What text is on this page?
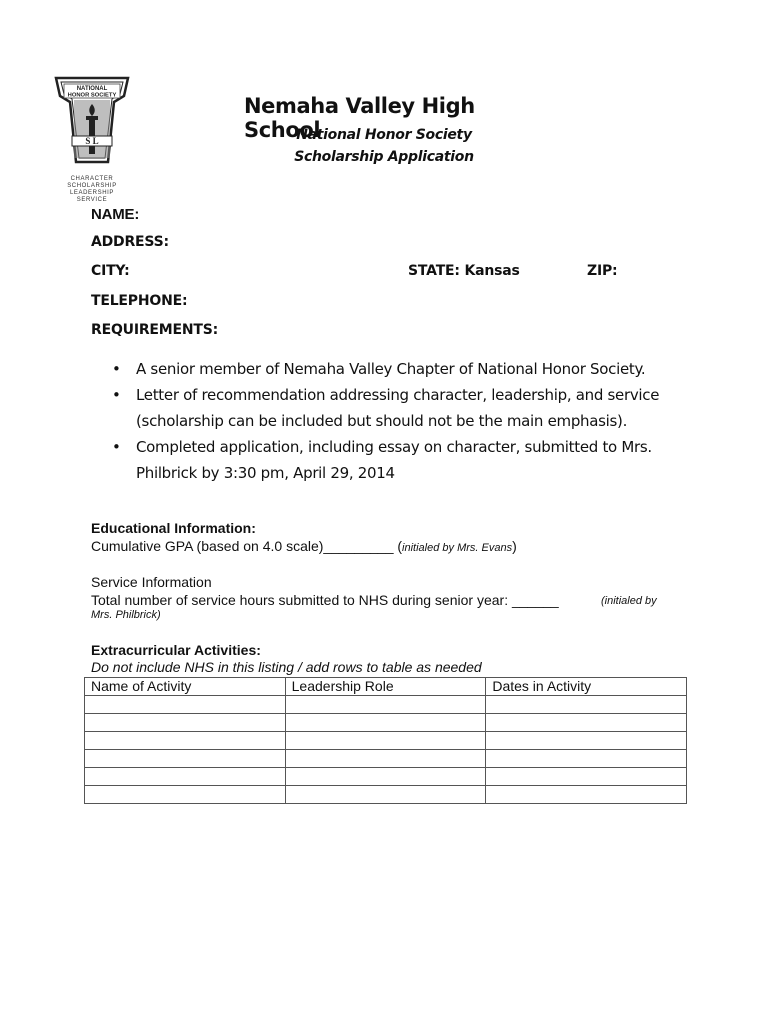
NATIONAL
HONOR SOCIETY
S L
CHARACTER
SCHOLARSHIP
LEADERSHIP
SERVICE
Nemaha Valley High School
National Honor Society
Scholarship Application
NAME:
ADDRESS:
CITY:	STATE: Kansas	ZIP:
TELEPHONE:
REQUIREMENTS:
• A senior member of Nemaha Valley Chapter of National Honor Society.
• Letter of recommendation addressing character, leadership, and service (scholarship can be included but should not be the main emphasis).
• Completed application, including essay on character, submitted to Mrs. Philbrick by 3:30 pm, April 29, 2014
Educational Information:
Cumulative GPA (based on 4.0 scale)_________ (initialed by Mrs. Evans)
Service Information
Total number of service hours submitted to NHS during senior year: ______	(initialed by
Mrs. Philbrick)
Extracurricular Activities:
Do not include NHS in this listing / add rows to table as needed
Name of Activity	Leadership Role	Dates in Activity
